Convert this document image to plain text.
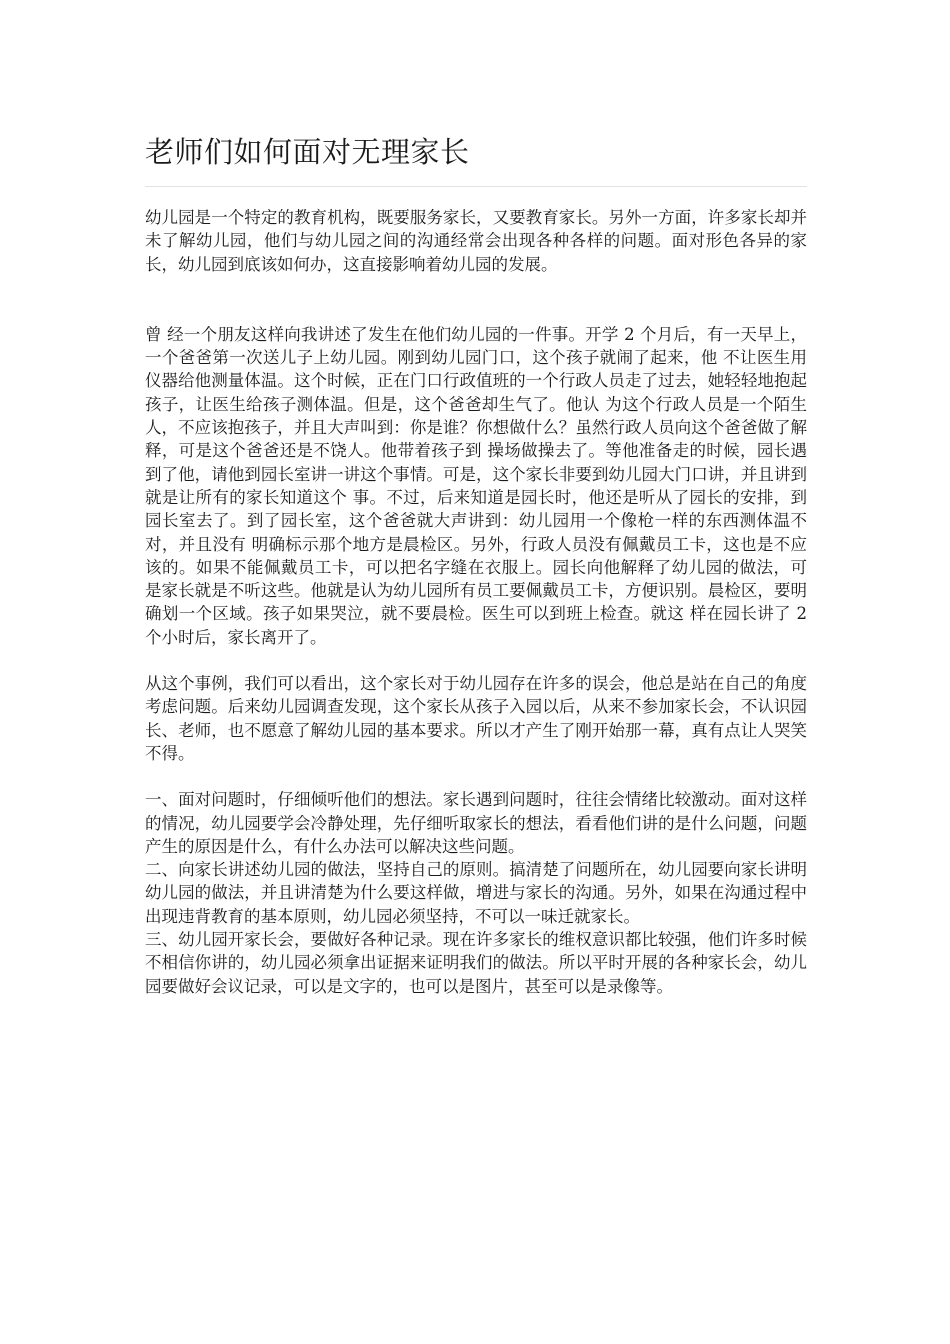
老师们如何面对无理家长

幼儿园是一个特定的教育机构，既要服务家长，又要教育家长。另外一方面，许多家长却并未了解幼儿园，他们与幼儿园之间的沟通经常会出现各种各样的问题。面对形色各异的家长，幼儿园到底该如何办，这直接影响着幼儿园的发展。

曾 经一个朋友这样向我讲述了发生在他们幼儿园的一件事。开学 2 个月后，有一天早上，一个爸爸第一次送儿子上幼儿园。刚到幼儿园门口，这个孩子就闹了起来，他 不让医生用仪器给他测量体温。这个时候，正在门口行政值班的一个行政人员走了过去，她轻轻地抱起孩子，让医生给孩子测体温。但是，这个爸爸却生气了。他认 为这个行政人员是一个陌生人，不应该抱孩子，并且大声叫到：你是谁？你想做什么？虽然行政人员向这个爸爸做了解释，可是这个爸爸还是不饶人。他带着孩子到 操场做操去了。等他准备走的时候，园长遇到了他，请他到园长室讲一讲这个事情。可是，这个家长非要到幼儿园大门口讲，并且讲到就是让所有的家长知道这个 事。不过，后来知道是园长时，他还是听从了园长的安排，到园长室去了。到了园长室，这个爸爸就大声讲到：幼儿园用一个像枪一样的东西测体温不对，并且没有 明确标示那个地方是晨检区。另外，行政人员没有佩戴员工卡，这也是不应该的。如果不能佩戴员工卡，可以把名字缝在衣服上。园长向他解释了幼儿园的做法，可 是家长就是不听这些。他就是认为幼儿园所有员工要佩戴员工卡，方便识别。晨检区，要明确划一个区域。孩子如果哭泣，就不要晨检。医生可以到班上检查。就这 样在园长讲了 2 个小时后，家长离开了。

从这个事例，我们可以看出，这个家长对于幼儿园存在许多的误会，他总是站在自己的角度考虑问题。后来幼儿园调查发现，这个家长从孩子入园以后，从来不参加家长会，不认识园长、老师，也不愿意了解幼儿园的基本要求。所以才产生了刚开始那一幕，真有点让人哭笑不得。

一、面对问题时，仔细倾听他们的想法。家长遇到问题时，往往会情绪比较激动。面对这样的情况，幼儿园要学会冷静处理，先仔细听取家长的想法，看看他们讲的是什么问题，问题产生的原因是什么，有什么办法可以解决这些问题。

二、向家长讲述幼儿园的做法，坚持自己的原则。搞清楚了问题所在，幼儿园要向家长讲明幼儿园的做法，并且讲清楚为什么要这样做，增进与家长的沟通。另外，如果在沟通过程中出现违背教育的基本原则，幼儿园必须坚持，不可以一味迁就家长。

三、幼儿园开家长会，要做好各种记录。现在许多家长的维权意识都比较强，他们许多时候不相信你讲的，幼儿园必须拿出证据来证明我们的做法。所以平时开展的各种家长会，幼儿园要做好会议记录，可以是文字的，也可以是图片，甚至可以是录像等。
